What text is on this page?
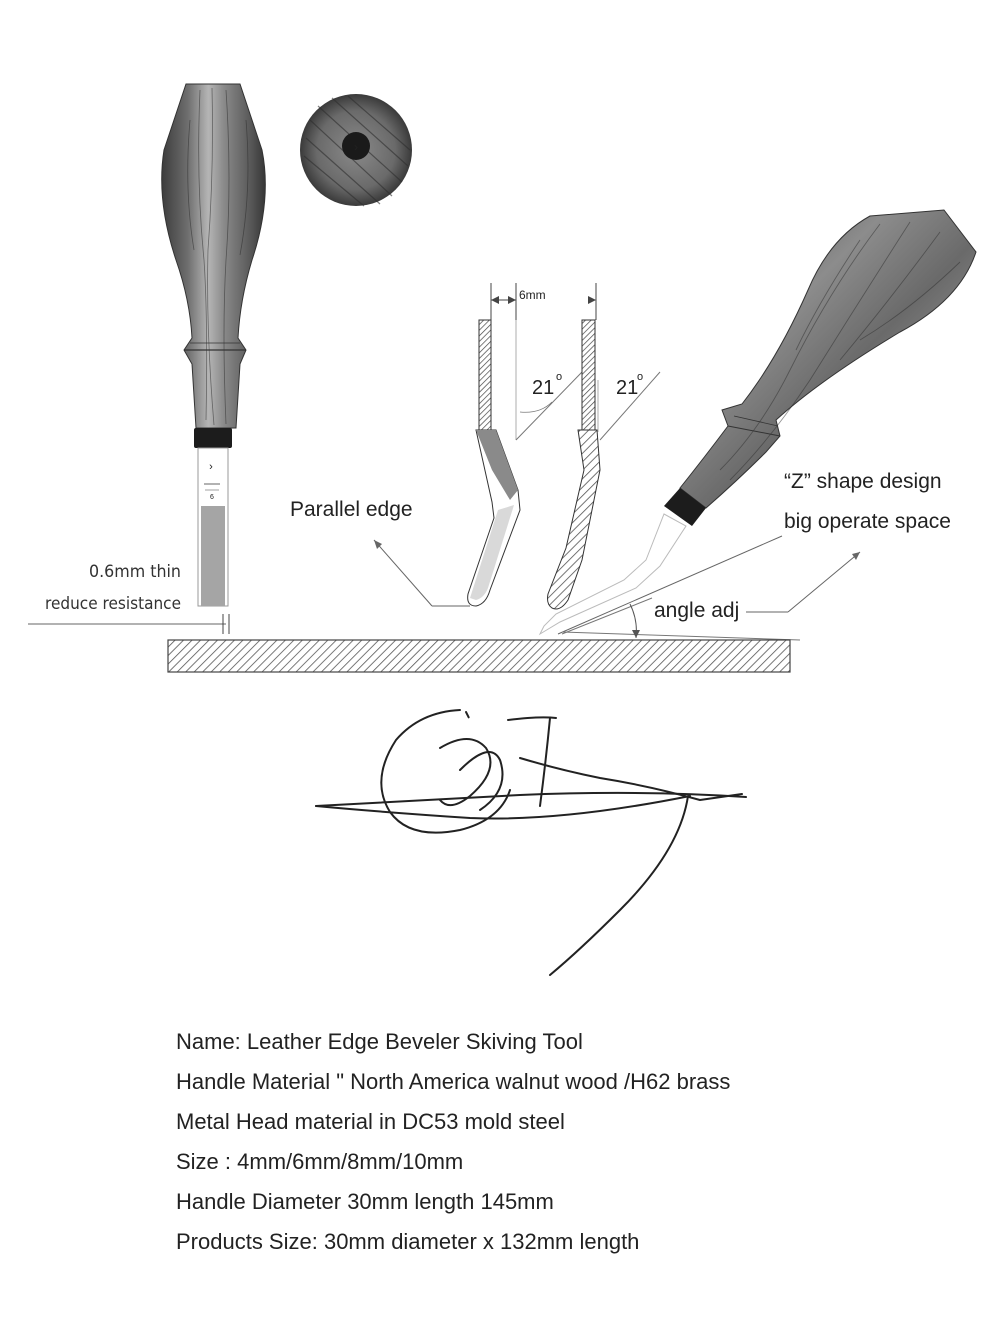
›
6
›
0.6mm thin
reduce resistance
6mm
21 o	21
o
Parallel edge
“Z” shape design
big operate space
angle adj
Name: Leather Edge Beveler Skiving Tool
Handle Material " North America walnut wood /H62 brass
Metal Head material in DC53 mold steel
Size : 4mm/6mm/8mm/10mm
Handle Diameter 30mm length 145mm
Products Size: 30mm diameter x 132mm length
